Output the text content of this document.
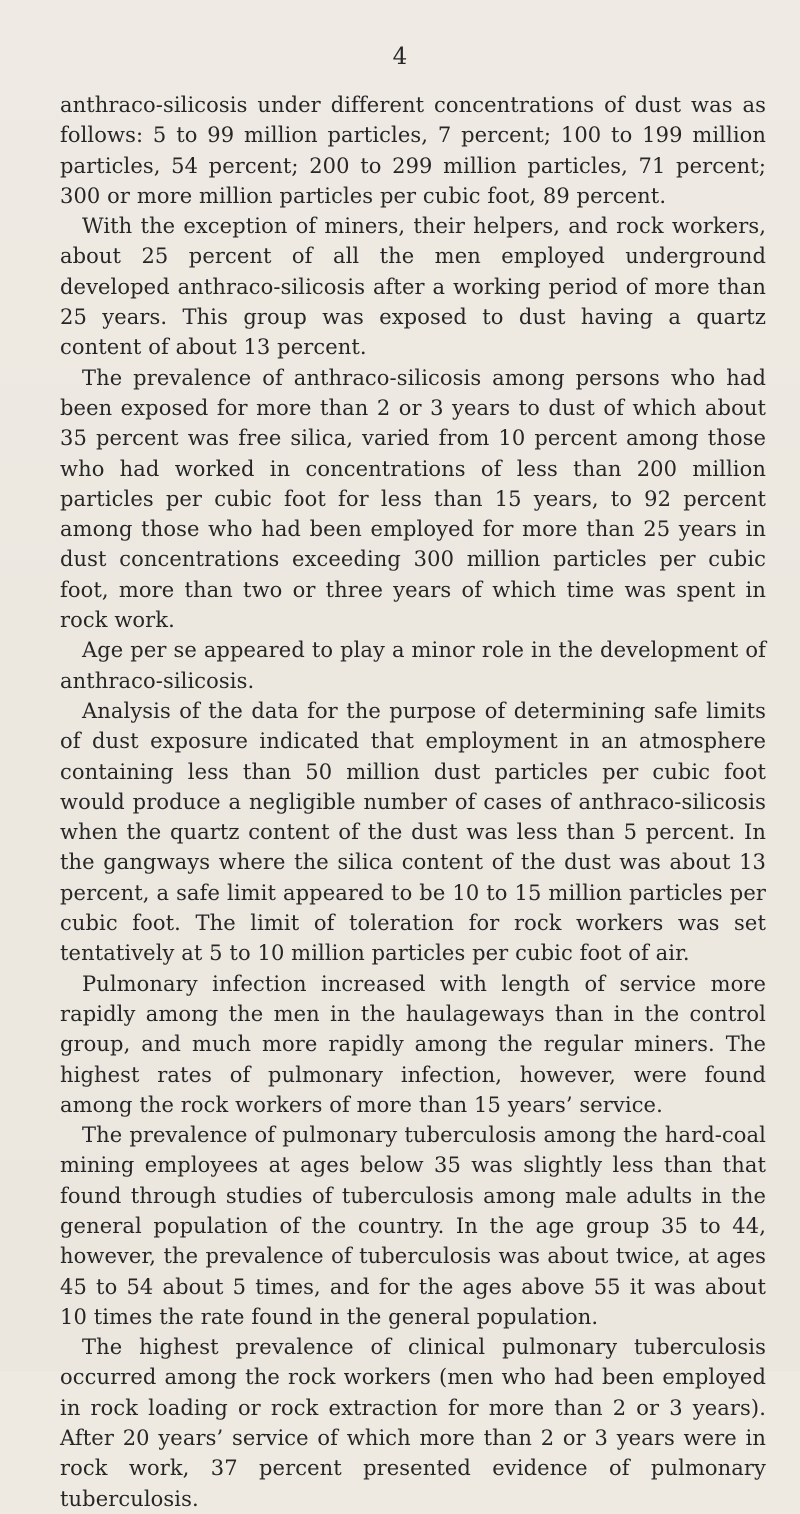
4

anthraco-silicosis under different concentrations of dust was as follows: 5 to 99 million particles, 7 percent; 100 to 199 million particles, 54 percent; 200 to 299 million particles, 71 percent; 300 or more million particles per cubic foot, 89 percent.

With the exception of miners, their helpers, and rock workers, about 25 percent of all the men employed underground developed anthraco-silicosis after a working period of more than 25 years. This group was exposed to dust having a quartz content of about 13 percent.

The prevalence of anthraco-silicosis among persons who had been exposed for more than 2 or 3 years to dust of which about 35 percent was free silica, varied from 10 percent among those who had worked in concentrations of less than 200 million particles per cubic foot for less than 15 years, to 92 percent among those who had been employed for more than 25 years in dust concentrations exceeding 300 million particles per cubic foot, more than two or three years of which time was spent in rock work.

Age per se appeared to play a minor role in the development of anthraco-silicosis.

Analysis of the data for the purpose of determining safe limits of dust exposure indicated that employment in an atmosphere containing less than 50 million dust particles per cubic foot would produce a negligible number of cases of anthraco-silicosis when the quartz content of the dust was less than 5 percent. In the gangways where the silica content of the dust was about 13 percent, a safe limit appeared to be 10 to 15 million particles per cubic foot. The limit of toleration for rock workers was set tentatively at 5 to 10 million particles per cubic foot of air.

Pulmonary infection increased with length of service more rapidly among the men in the haulageways than in the control group, and much more rapidly among the regular miners. The highest rates of pulmonary infection, however, were found among the rock workers of more than 15 years’ service.

The prevalence of pulmonary tuberculosis among the hard-coal mining employees at ages below 35 was slightly less than that found through studies of tuberculosis among male adults in the general population of the country. In the age group 35 to 44, however, the prevalence of tuberculosis was about twice, at ages 45 to 54 about 5 times, and for the ages above 55 it was about 10 times the rate found in the general population.

The highest prevalence of clinical pulmonary tuberculosis occurred among the rock workers (men who had been employed in rock loading or rock extraction for more than 2 or 3 years). After 20 years’ service of which more than 2 or 3 years were in rock work, 37 percent presented evidence of pulmonary tuberculosis.
